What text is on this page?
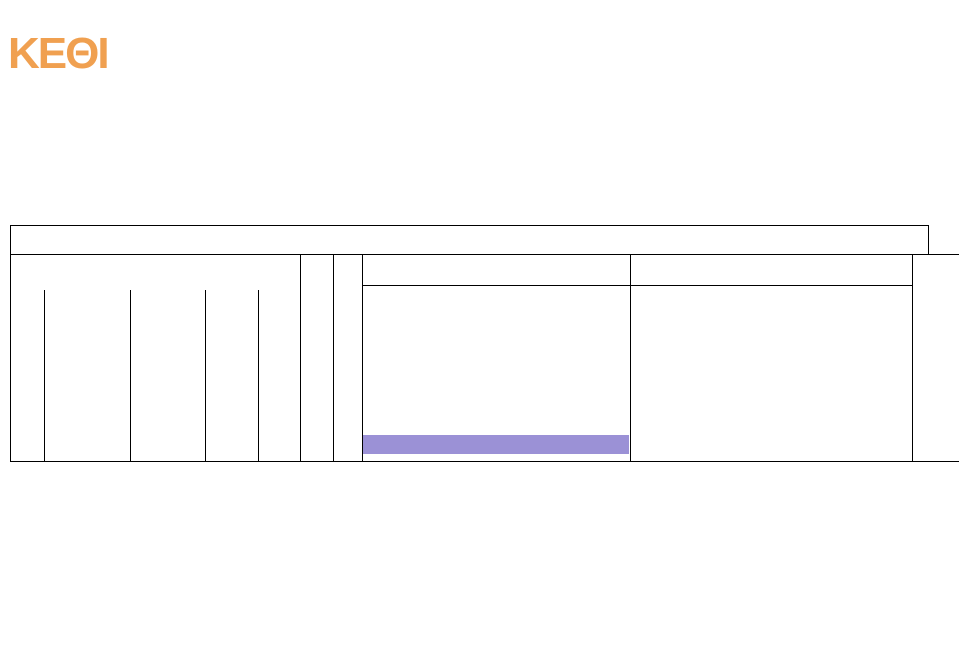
ΚΕΘΙ
